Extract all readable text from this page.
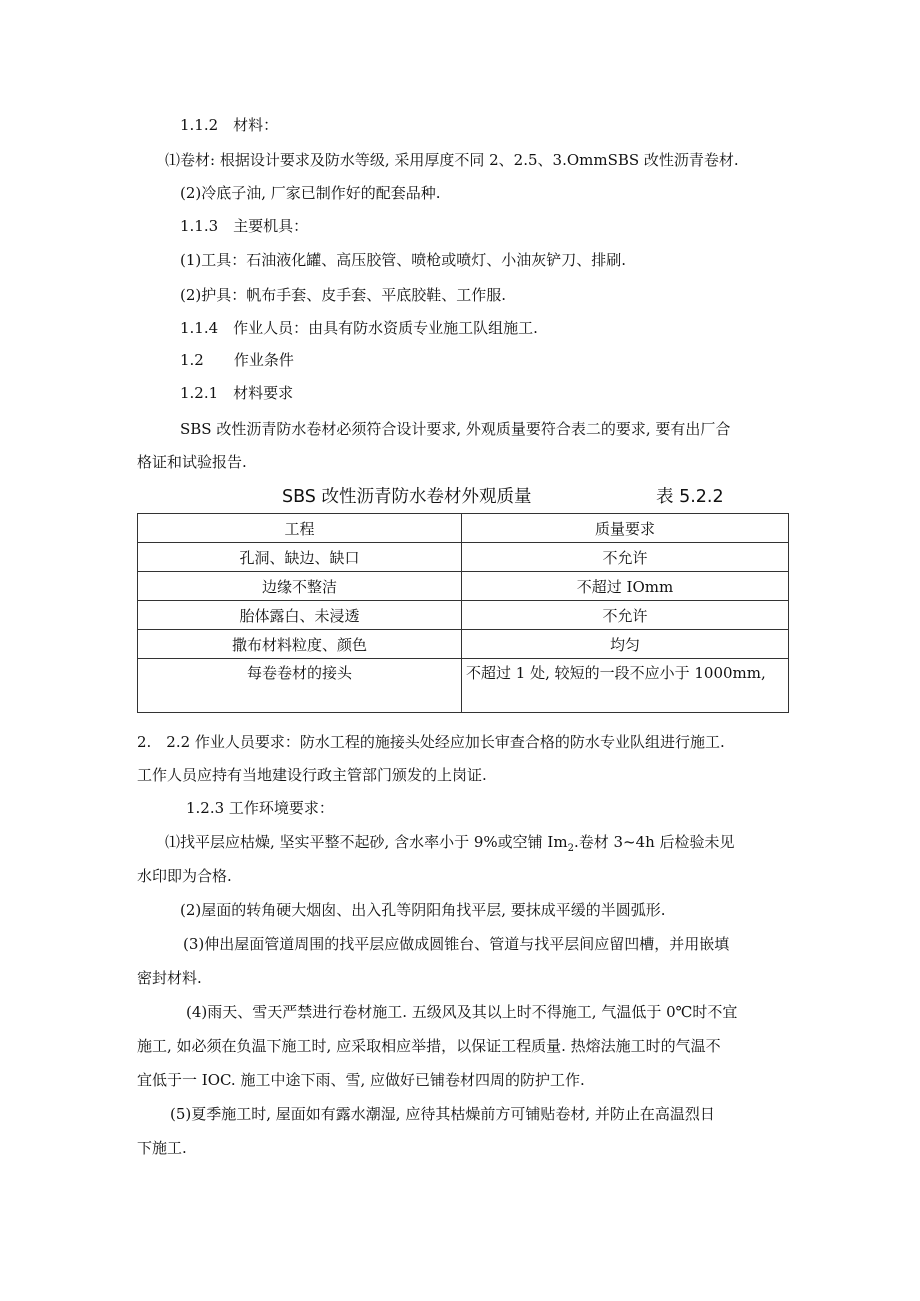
1.1.2　材料：
⑴卷材: 根据设计要求及防水等级, 采用厚度不同 2、2.5、3.OmmSBS 改性沥青卷材.
(2)冷底子油, 厂家已制作好的配套品种.
1.1.3　主要机具：
(1)工具：石油液化罐、高压胶管、喷枪或喷灯、小油灰铲刀、排刷.
(2)护具：帆布手套、皮手套、平底胶鞋、工作服.
1.1.4　作业人员：由具有防水资质专业施工队组施工.
1.2　　作业条件
1.2.1　材料要求
SBS 改性沥青防水卷材必须符合设计要求, 外观质量要符合表二的要求, 要有出厂合
格证和试验报告.
SBS 改性沥青防水卷材外观质量	表 5.2.2
工程	质量要求
孔洞、缺边、缺口	不允许
边缘不整洁	不超过 IOmm
胎体露白、未浸透	不允许
撒布材料粒度、颜色	均匀
每卷卷材的接头	不超过 1 处, 较短的一段不应小于 1000mm,
2.　2.2 作业人员要求：防水工程的施接头处经应加长审查合格的防水专业队组进行施工.
工作人员应持有当地建设行政主管部门颁发的上岗证.
1.2.3 工作环境要求：
⑴找平层应枯燥, 坚实平整不起砂, 含水率小于 9%或空铺 $Im_2$.卷材 3~4h 后检验未见
水印即为合格.
(2)屋面的转角硬大烟囱、出入孔等阴阳角找平层, 要抹成平缓的半圆弧形.
(3)伸出屋面管道周围的找平层应做成圆锥台、管道与找平层间应留凹槽，并用嵌填
密封材料.
(4)雨天、雪天严禁进行卷材施工. 五级风及其以上时不得施工, 气温低于 0℃时不宜
施工, 如必须在负温下施工时, 应采取相应举措，以保证工程质量. 热熔法施工时的气温不
宜低于一 IOC. 施工中途下雨、雪, 应做好已铺卷材四周的防护工作.
(5)夏季施工时, 屋面如有露水潮湿, 应待其枯燥前方可铺贴卷材, 并防止在高温烈日
下施工.
